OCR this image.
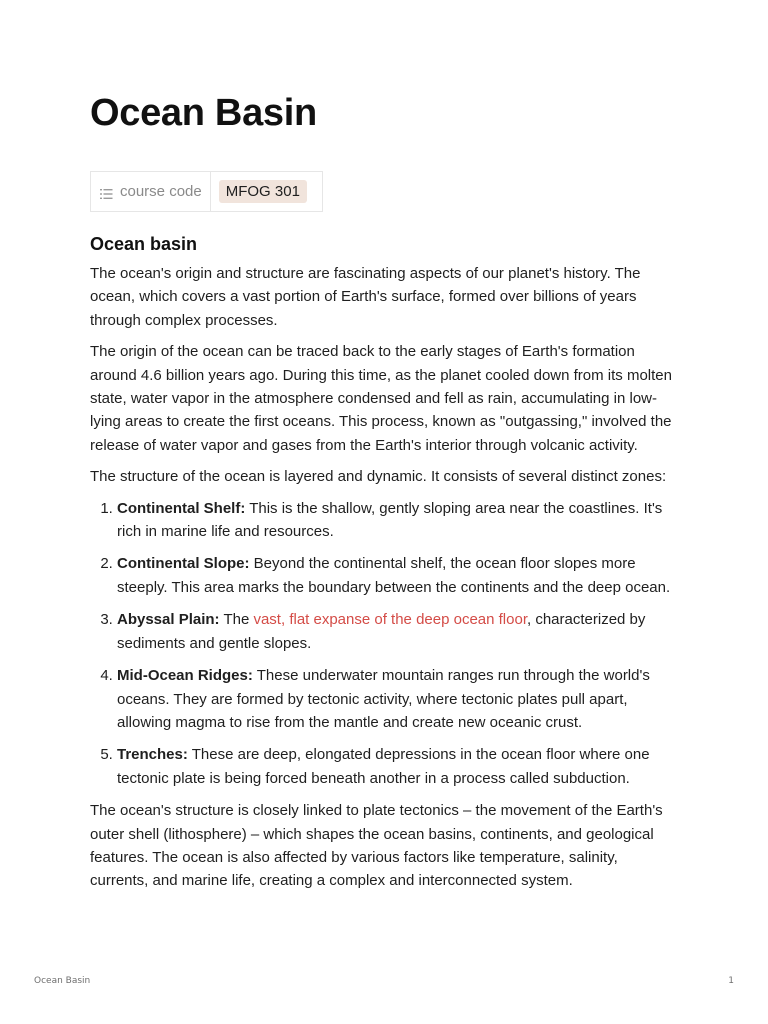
Ocean Basin
course code	MFOG 301
Ocean basin

The ocean's origin and structure are fascinating aspects of our planet's history. The ocean, which covers a vast portion of Earth's surface, formed over billions of years through complex processes.

The origin of the ocean can be traced back to the early stages of Earth's formation around 4.6 billion years ago. During this time, as the planet cooled down from its molten state, water vapor in the atmosphere condensed and fell as rain, accumulating in low-lying areas to create the first oceans. This process, known as "outgassing," involved the release of water vapor and gases from the Earth's interior through volcanic activity.

The structure of the ocean is layered and dynamic. It consists of several distinct zones:

1. Continental Shelf: This is the shallow, gently sloping area near the coastlines. It's rich in marine life and resources.
2. Continental Slope: Beyond the continental shelf, the ocean floor slopes more steeply. This area marks the boundary between the continents and the deep ocean.
3. Abyssal Plain: The vast, flat expanse of the deep ocean floor, characterized by sediments and gentle slopes.
4. Mid-Ocean Ridges: These underwater mountain ranges run through the world's oceans. They are formed by tectonic activity, where tectonic plates pull apart, allowing magma to rise from the mantle and create new oceanic crust.
5. Trenches: These are deep, elongated depressions in the ocean floor where one tectonic plate is being forced beneath another in a process called subduction.

The ocean's structure is closely linked to plate tectonics – the movement of the Earth's outer shell (lithosphere) – which shapes the ocean basins, continents, and geological features. The ocean is also affected by various factors like temperature, salinity, currents, and marine life, creating a complex and interconnected system.

Ocean Basin	1
